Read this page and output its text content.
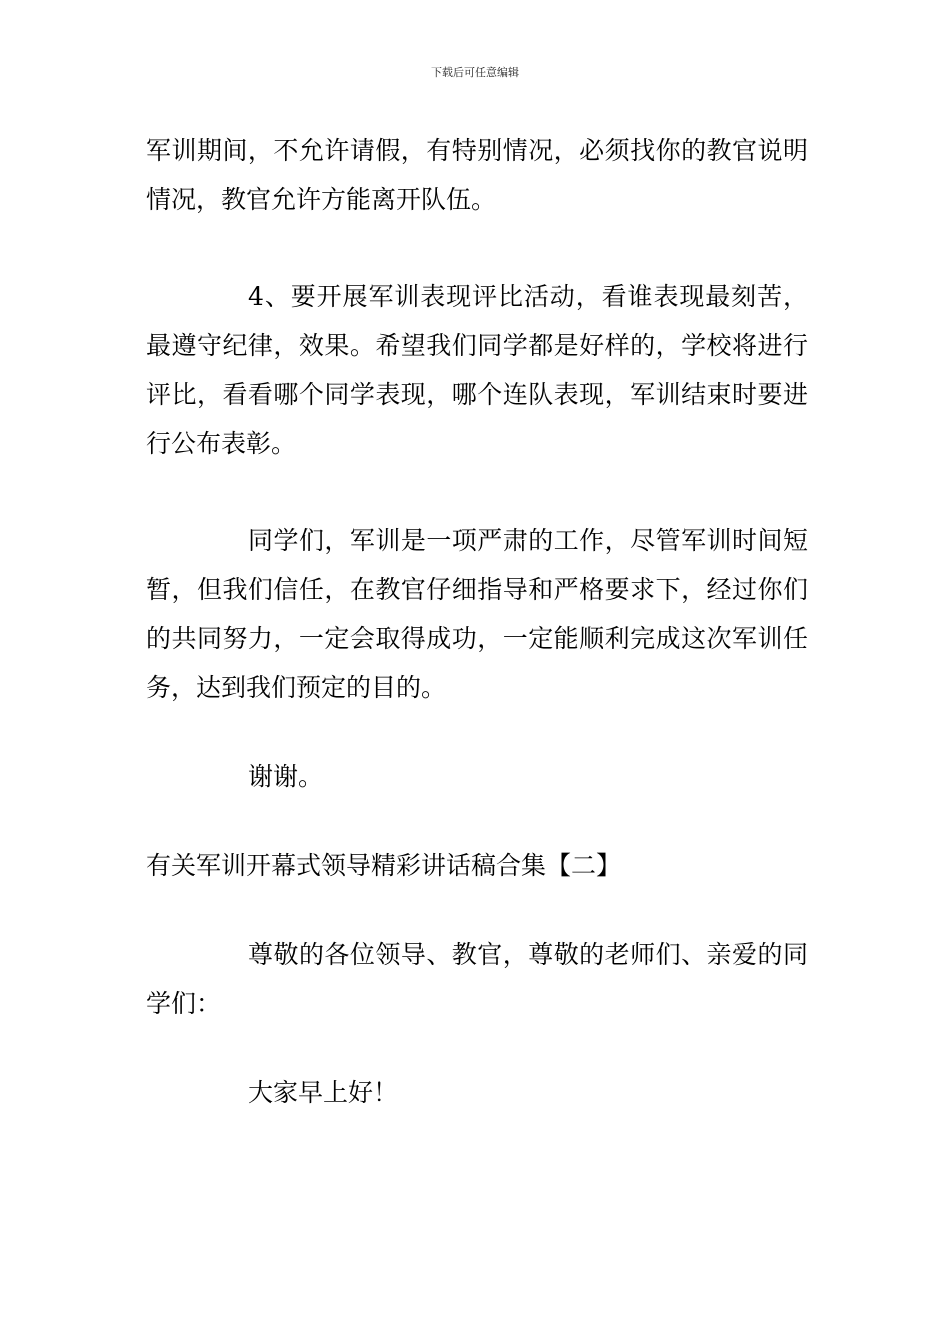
下载后可任意编辑

军训期间，不允许请假，有特别情况，必须找你的教官说明情况，教官允许方能离开队伍。

4、要开展军训表现评比活动，看谁表现最刻苦，最遵守纪律，效果。希望我们同学都是好样的，学校将进行评比，看看哪个同学表现，哪个连队表现，军训结束时要进行公布表彰。

同学们，军训是一项严肃的工作，尽管军训时间短暂，但我们信任，在教官仔细指导和严格要求下，经过你们的共同努力，一定会取得成功，一定能顺利完成这次军训任务，达到我们预定的目的。

谢谢。

有关军训开幕式领导精彩讲话稿合集【二】

尊敬的各位领导、教官，尊敬的老师们、亲爱的同学们：

大家早上好！
